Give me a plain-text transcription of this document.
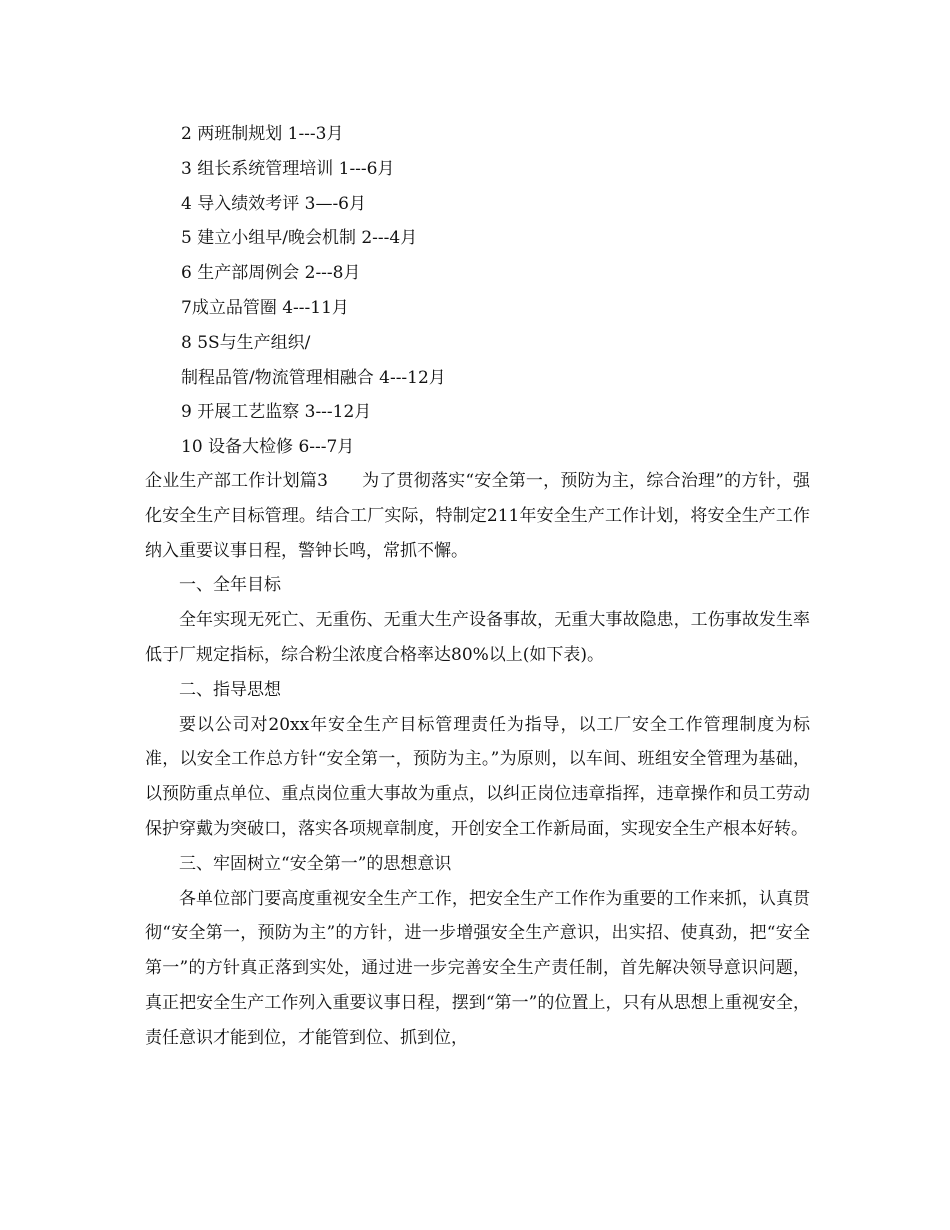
2 两班制规划 1---3月
3 组长系统管理培训 1---6月
4 导入绩效考评 3—-6月
5 建立小组早/晚会机制 2---4月
6 生产部周例会 2---8月
7成立品管圈 4---11月
8 5S与生产组织/
制程品管/物流管理相融合 4---12月
9 开展工艺监察 3---12月
10 设备大检修 6---7月

企业生产部工作计划篇3 为了贯彻落实“安全第一，预防为主，综合治理”的方针，强化安全生产目标管理。结合工厂实际，特制定211年安全生产工作计划，将安全生产工作纳入重要议事日程，警钟长鸣，常抓不懈。

一、全年目标

全年实现无死亡、无重伤、无重大生产设备事故，无重大事故隐患，工伤事故发生率低于厂规定指标，综合粉尘浓度合格率达80%以上(如下表)。

二、指导思想

要以公司对20xx年安全生产目标管理责任为指导，以工厂安全工作管理制度为标准，以安全工作总方针“安全第一，预防为主。”为原则，以车间、班组安全管理为基础，以预防重点单位、重点岗位重大事故为重点，以纠正岗位违章指挥，违章操作和员工劳动保护穿戴为突破口，落实各项规章制度，开创安全工作新局面，实现安全生产根本好转。

三、牢固树立“安全第一”的思想意识

各单位部门要高度重视安全生产工作，把安全生产工作作为重要的工作来抓，认真贯彻“安全第一，预防为主”的方针，进一步增强安全生产意识，出实招、使真劲，把“安全第一”的方针真正落到实处，通过进一步完善安全生产责任制，首先解决领导意识问题，真正把安全生产工作列入重要议事日程，摆到“第一”的位置上，只有从思想上重视安全，责任意识才能到位，才能管到位、抓到位，
